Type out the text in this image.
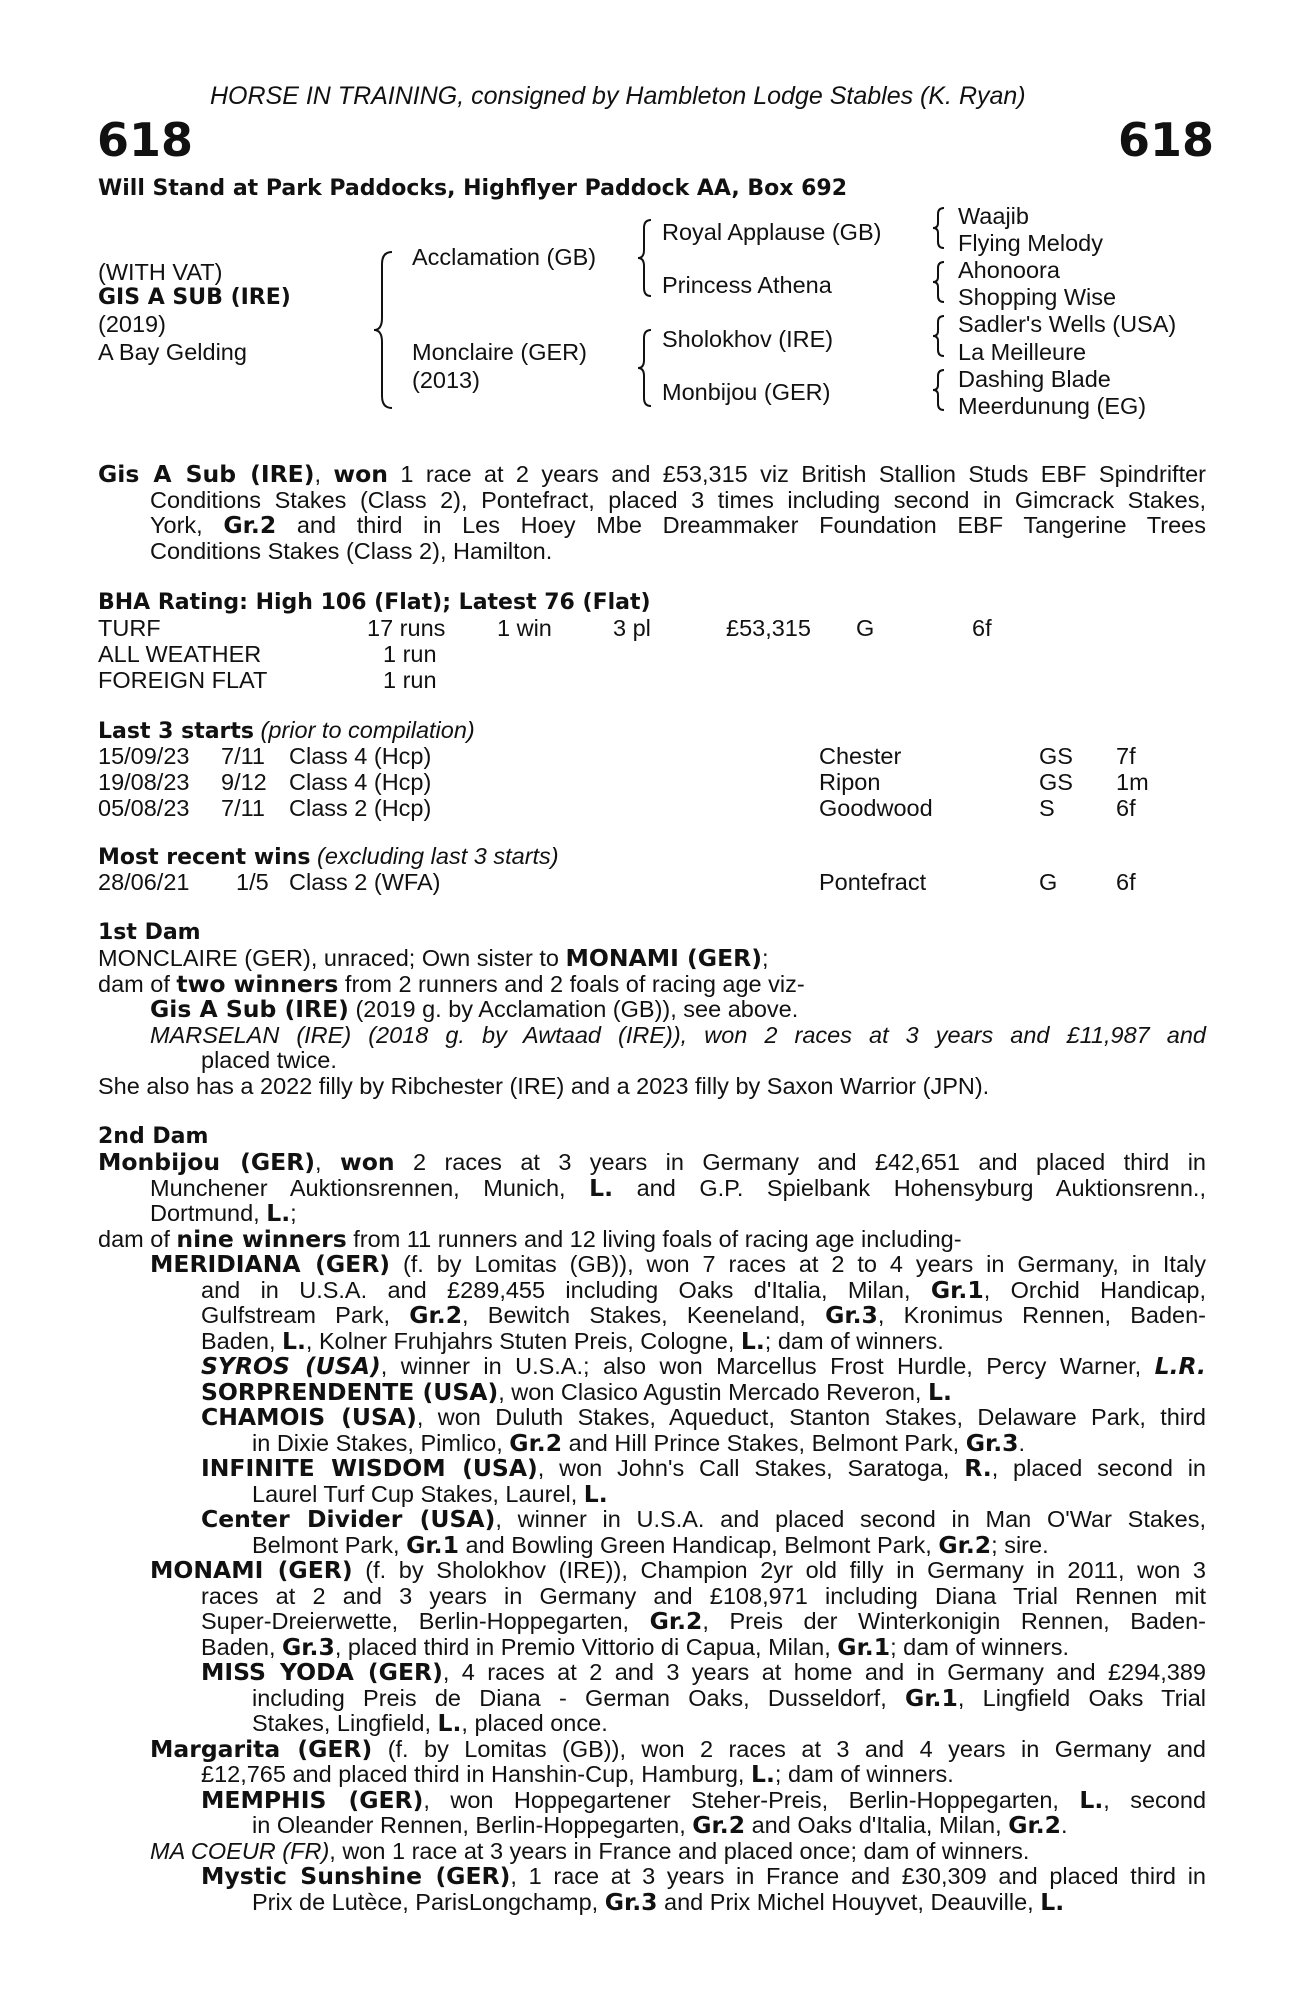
HORSE IN TRAINING, consigned by Hambleton Lodge Stables (K. Ryan)
618	618
Will Stand at Park Paddocks, Highflyer Paddock AA, Box 692
(WITH VAT)
GIS A SUB (IRE)
(2019)
A Bay Gelding
Acclamation (GB)
Monclaire (GER)
(2013)
Royal Applause (GB)
Princess Athena
Sholokhov (IRE)
Monbijou (GER)
Waajib
Flying Melody
Ahonoora
Shopping Wise
Sadler's Wells (USA)
La Meilleure
Dashing Blade
Meerdunung (EG)
Gis A Sub (IRE), won 1 race at 2 years and £53,315 viz British Stallion Studs EBF Spindrifter
Conditions Stakes (Class 2), Pontefract, placed 3 times including second in Gimcrack Stakes,
York, Gr.2 and third in Les Hoey Mbe Dreammaker Foundation EBF Tangerine Trees
Conditions Stakes (Class 2), Hamilton.
BHA Rating: High 106 (Flat); Latest 76 (Flat)
TURF	17 runs 1 win	3 pl	£53,315 G	6f
ALL WEATHER	1 run
FOREIGN FLAT	1 run
Last 3 starts (prior to compilation)
15/09/23 7/11 Class 4 (Hcp)	Chester	GS 7f
19/08/23 9/12 Class 4 (Hcp)	Ripon	GS 1m
05/08/23 7/11 Class 2 (Hcp)	Goodwood	S	6f
Most recent wins (excluding last 3 starts)
28/06/21 1/5 Class 2 (WFA)	Pontefract	G 6f
1st Dam
MONCLAIRE (GER), unraced; Own sister to MONAMI (GER);
dam of two winners from 2 runners and 2 foals of racing age viz-
Gis A Sub (IRE) (2019 g. by Acclamation (GB)), see above.
MARSELAN (IRE) (2018 g. by Awtaad (IRE)), won 2 races at 3 years and £11,987 and
placed twice.
She also has a 2022 filly by Ribchester (IRE) and a 2023 filly by Saxon Warrior (JPN).
2nd Dam
Monbijou (GER), won 2 races at 3 years in Germany and £42,651 and placed third in
Munchener Auktionsrennen, Munich, L. and G.P. Spielbank Hohensyburg Auktionsrenn.,
Dortmund, L.;
dam of nine winners from 11 runners and 12 living foals of racing age including-
MERIDIANA (GER) (f. by Lomitas (GB)), won 7 races at 2 to 4 years in Germany, in Italy
and in U.S.A. and £289,455 including Oaks d'Italia, Milan, Gr.1, Orchid Handicap,
Gulfstream Park, Gr.2, Bewitch Stakes, Keeneland, Gr.3, Kronimus Rennen, Baden-
Baden, L., Kolner Fruhjahrs Stuten Preis, Cologne, L.; dam of winners.
SYROS (USA), winner in U.S.A.; also won Marcellus Frost Hurdle, Percy Warner, L.R.
SORPRENDENTE (USA), won Clasico Agustin Mercado Reveron, L.
CHAMOIS (USA), won Duluth Stakes, Aqueduct, Stanton Stakes, Delaware Park, third
in Dixie Stakes, Pimlico, Gr.2 and Hill Prince Stakes, Belmont Park, Gr.3.
INFINITE WISDOM (USA), won John's Call Stakes, Saratoga, R., placed second in
Laurel Turf Cup Stakes, Laurel, L.
Center Divider (USA), winner in U.S.A. and placed second in Man O'War Stakes,
Belmont Park, Gr.1 and Bowling Green Handicap, Belmont Park, Gr.2; sire.
MONAMI (GER) (f. by Sholokhov (IRE)), Champion 2yr old filly in Germany in 2011, won 3
races at 2 and 3 years in Germany and £108,971 including Diana Trial Rennen mit
Super-Dreierwette, Berlin-Hoppegarten, Gr.2, Preis der Winterkonigin Rennen, Baden-
Baden, Gr.3, placed third in Premio Vittorio di Capua, Milan, Gr.1; dam of winners.
MISS YODA (GER), 4 races at 2 and 3 years at home and in Germany and £294,389
including Preis de Diana - German Oaks, Dusseldorf, Gr.1, Lingfield Oaks Trial
Stakes, Lingfield, L., placed once.
Margarita (GER) (f. by Lomitas (GB)), won 2 races at 3 and 4 years in Germany and
£12,765 and placed third in Hanshin-Cup, Hamburg, L.; dam of winners.
MEMPHIS (GER), won Hoppegartener Steher-Preis, Berlin-Hoppegarten, L., second
in Oleander Rennen, Berlin-Hoppegarten, Gr.2 and Oaks d'Italia, Milan, Gr.2.
MA COEUR (FR), won 1 race at 3 years in France and placed once; dam of winners.
Mystic Sunshine (GER), 1 race at 3 years in France and £30,309 and placed third in
Prix de Lutèce, ParisLongchamp, Gr.3 and Prix Michel Houyvet, Deauville, L.
